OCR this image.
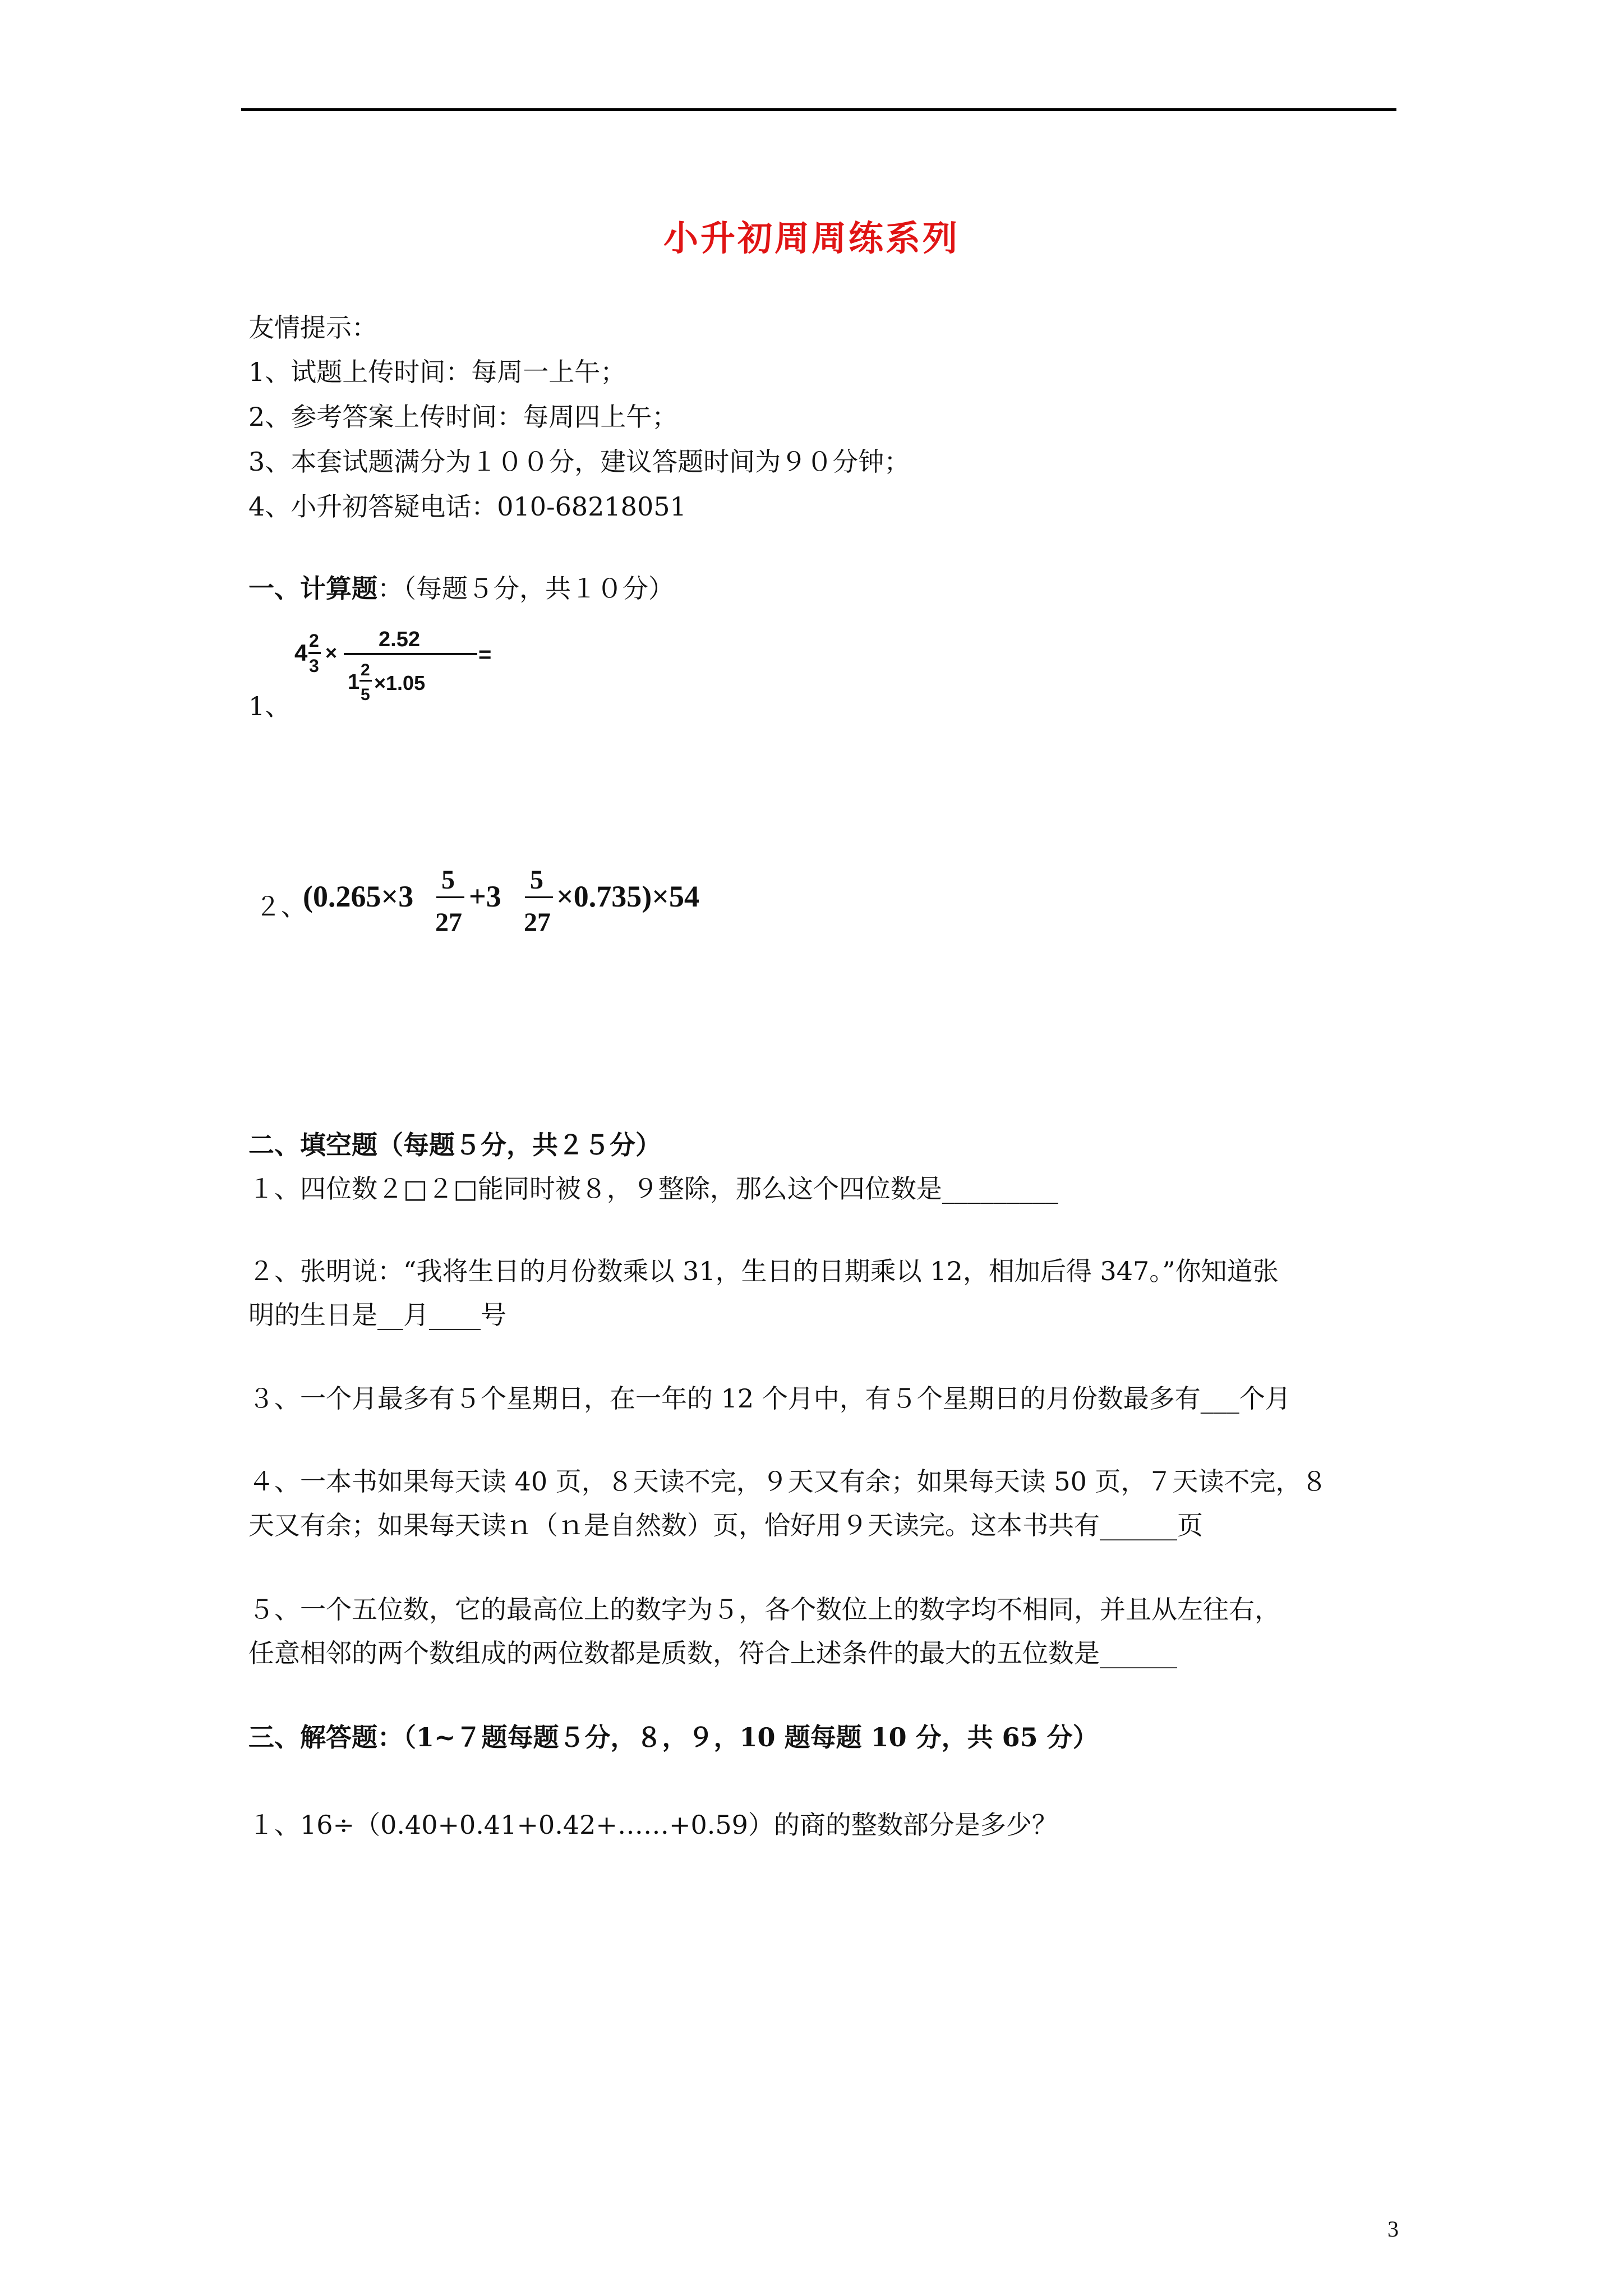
小升初周周练系列
友情提示：
1、试题上传时间：每周一上午；
2、参考答案上传时间：每周四上午；
3、本套试题满分为１００分，建议答题时间为９０分钟；
4、小升初答疑电话：010-68218051
一、计算题：（每题５分，共１０分）
4 2
3
×
2.52
1
2
5
×1.05
=
1、
２、
(0.265×3 5
27
+3 5
27
×0.735)×54
二、填空题（每题５分，共２５分）
１、四位数２□２□能同时被８，９整除，那么这个四位数是_________
２、张明说：“我将生日的月份数乘以 31，生日的日期乘以 12，相加后得 347。”你知道张
明的生日是__月____号
３、一个月最多有５个星期日，在一年的 12 个月中，有５个星期日的月份数最多有___个月
４、一本书如果每天读 40 页，８天读不完，９天又有余；如果每天读 50 页，７天读不完，８
天又有余；如果每天读ｎ（ｎ是自然数）页，恰好用９天读完。这本书共有______页
５、一个五位数，它的最高位上的数字为５，各个数位上的数字均不相同，并且从左往右，
任意相邻的两个数组成的两位数都是质数，符合上述条件的最大的五位数是______
三、解答题：（1~７题每题５分，８，９，10 题每题 10 分，共 65 分）
１、16÷（0.40+0.41+0.42+……+0.59）的商的整数部分是多少？
3
